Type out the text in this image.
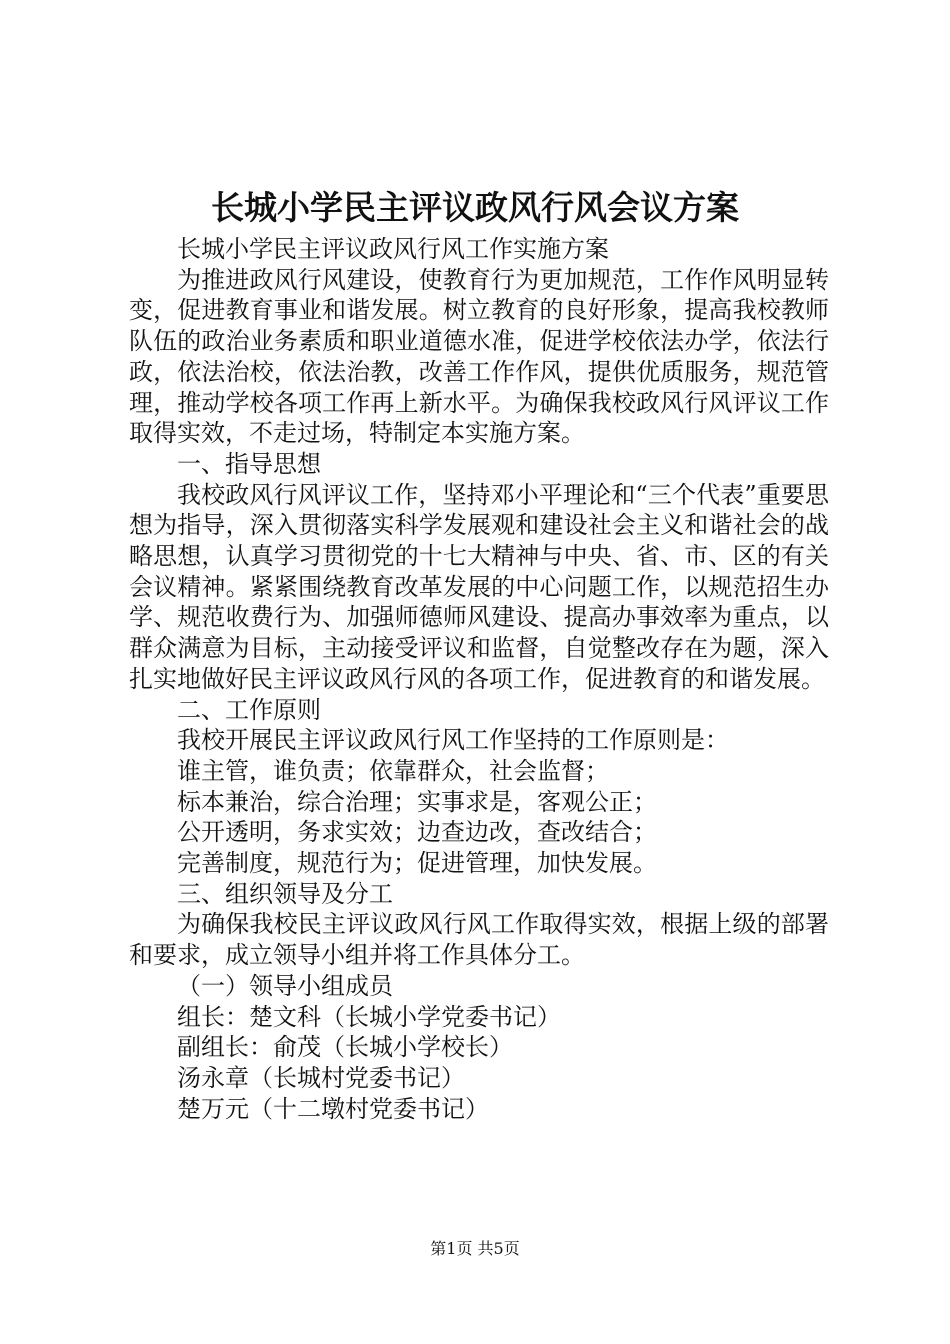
长城小学民主评议政风行风会议方案

长城小学民主评议政风行风工作实施方案

为推进政风行风建设，使教育行为更加规范，工作作风明显转变，促进教育事业和谐发展。树立教育的良好形象，提高我校教师队伍的政治业务素质和职业道德水准，促进学校依法办学，依法行政，依法治校，依法治教，改善工作作风，提供优质服务，规范管理，推动学校各项工作再上新水平。为确保我校政风行风评议工作取得实效，不走过场，特制定本实施方案。

一、指导思想

我校政风行风评议工作，坚持邓小平理论和“三个代表”重要思想为指导，深入贯彻落实科学发展观和建设社会主义和谐社会的战略思想，认真学习贯彻党的十七大精神与中央、省、市、区的有关会议精神。紧紧围绕教育改革发展的中心问题工作，以规范招生办学、规范收费行为、加强师德师风建设、提高办事效率为重点，以群众满意为目标，主动接受评议和监督，自觉整改存在为题，深入扎实地做好民主评议政风行风的各项工作，促进教育的和谐发展。

二、工作原则

我校开展民主评议政风行风工作坚持的工作原则是：

谁主管，谁负责；依靠群众，社会监督；

标本兼治，综合治理；实事求是，客观公正；

公开透明，务求实效；边查边改，查改结合；

完善制度，规范行为；促进管理，加快发展。

三、组织领导及分工

为确保我校民主评议政风行风工作取得实效，根据上级的部署和要求，成立领导小组并将工作具体分工。

（一）领导小组成员

组长：楚文科（长城小学党委书记）

副组长：俞茂（长城小学校长）

汤永章（长城村党委书记）

楚万元（十二墩村党委书记）

第1页 共5页
